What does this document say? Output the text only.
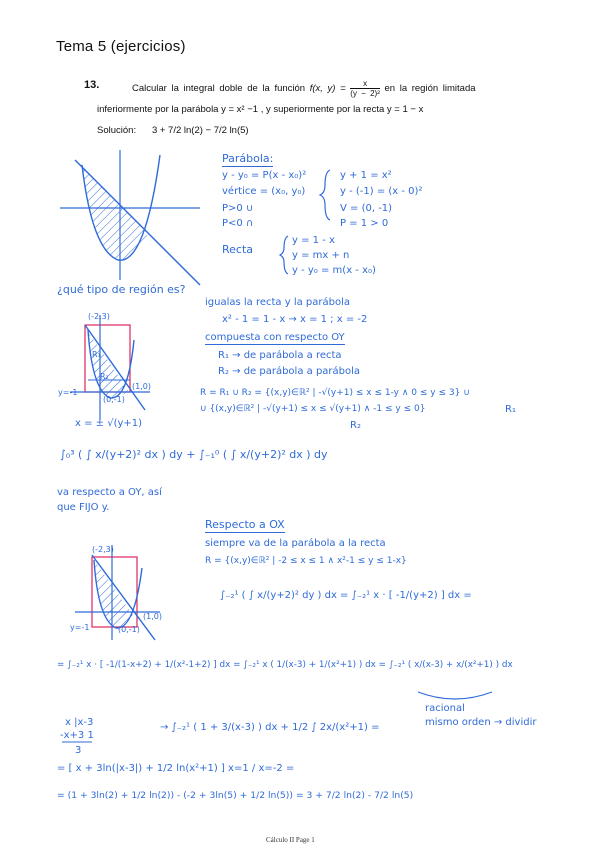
Tema 5 (ejercicios)
13.	Calcular la integral doble de la función f(x, $y) = \frac{x}{\text{(y − 2)²}}$ en la región limitada
inferiormente por la parábola y = x² −1 , y superiormente por la recta y = 1 − x
Solución: 3 + 7/2 ln(2) − 7/2 ln(5)
Parábola:
y - y₀ = P(x - x₀)²
vértice = (x₀, y₀)
P>0 ∪
P<0 ∩
y + 1 = x²
y - (-1) = (x - 0)²
V = (0, -1)
P = 1 > 0
Recta
y = 1 - x
y = mx + n
y - y₀ = m(x - x₀)
¿qué tipo de región es?
igualas la recta y la parábola
x² - 1 = 1 - x → x = 1 ; x = -2
compuesta con respecto OY
R₁ → de parábola a recta
R₂ → de parábola a parábola
R = R₁ ∪ R₂ = {(x,y)∈ℝ² | -√(y+1) ≤ x ≤ 1-y ∧ 0 ≤ y ≤ 3} ∪
∪ {(x,y)∈ℝ² | -√(y+1) ≤ x ≤ √(y+1) ∧ -1 ≤ y ≤ 0}	R₁
R₂
x = ± √(y+1)
∫₀³ ( ∫ x/(y+2)² dx ) dy + ∫₋₁⁰ ( ∫ x/(y+2)² dx ) dy
va respecto a OY, así
que FIJO y.
Respecto a OX
siempre va de la parábola a la recta
R = {(x,y)∈ℝ² | -2 ≤ x ≤ 1 ∧ x²-1 ≤ y ≤ 1-x}
∫₋₂¹ ( ∫ x/(y+2)² dy ) dx = ∫₋₂¹ x · [ -1/(y+2) ] dx =
= ∫₋₂¹ x · [ -1/(1-x+2) + 1/(x²-1+2) ] dx = ∫₋₂¹ x ( 1/(x-3) + 1/(x²+1) ) dx = ∫₋₂¹ ( x/(x-3) + x/(x²+1) ) dx
racional
mismo orden → dividir
x |x-3
-x+3 1
3
→ ∫₋₂¹ ( 1 + 3/(x-3) ) dx + 1/2 ∫ 2x/(x²+1) =
= [ x + 3ln(|x-3|) + 1/2 ln(x²+1) ] x=1 / x=-2 =
= (1 + 3ln(2) + 1/2 ln(2)) - (-2 + 3ln(5) + 1/2 ln(5)) = 3 + 7/2 ln(2) - 7/2 ln(5)
(-2,3)
(1,0)
(0,-1)
y=-1
R₁
R₂
(-2,3)
(1,0)
(0,-1)
y=-1
Cálculo II Page 1
